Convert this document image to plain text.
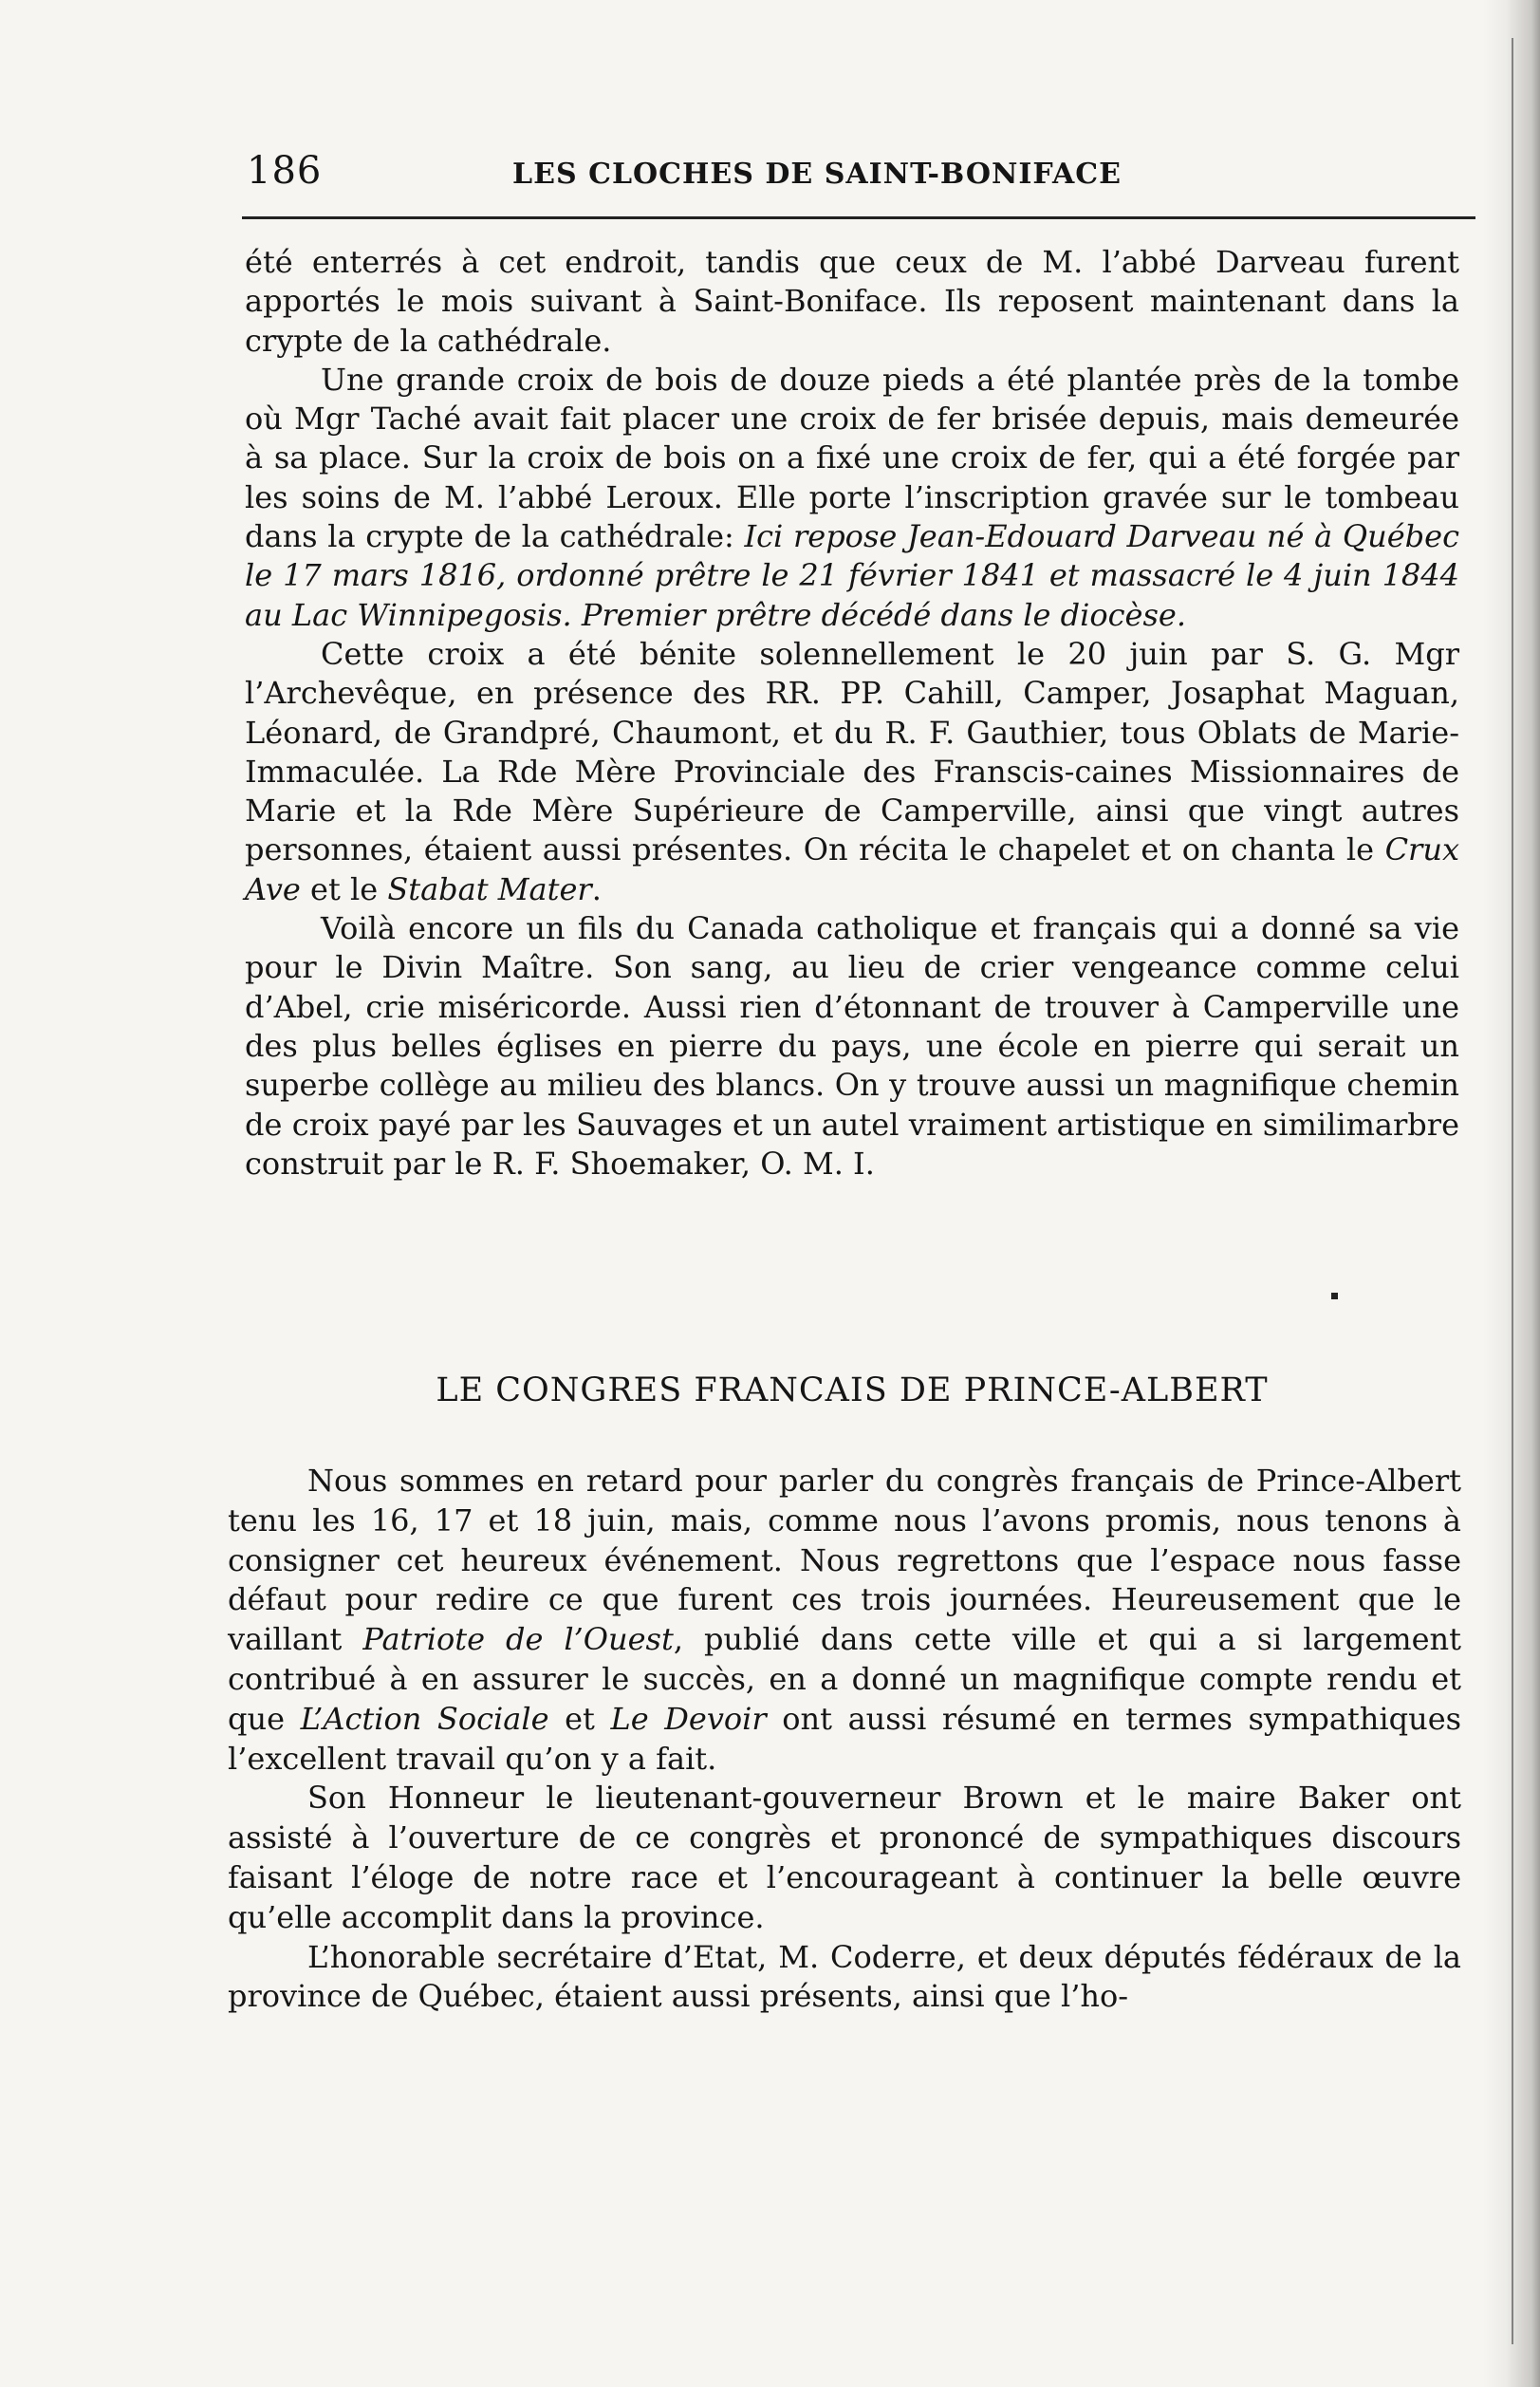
186	LES CLOCHES DE SAINT-BONIFACE

été enterrés à cet endroit, tandis que ceux de M. l’abbé Darveau furent apportés le mois suivant à Saint-Boniface. Ils reposent maintenant dans la crypte de la cathédrale.

Une grande croix de bois de douze pieds a été plantée près de la tombe où Mgr Taché avait fait placer une croix de fer brisée depuis, mais demeurée à sa place. Sur la croix de bois on a fixé une croix de fer, qui a été forgée par les soins de M. l’abbé Leroux. Elle porte l’inscription gravée sur le tombeau dans la crypte de la cathédrale: Ici repose Jean-Edouard Darveau né à Québec le 17 mars 1816, ordonné prêtre le 21 février 1841 et massacré le 4 juin 1844 au Lac Winnipegosis. Premier prêtre décédé dans le diocèse.

Cette croix a été bénite solennellement le 20 juin par S. G. Mgr l’Archevêque, en présence des RR. PP. Cahill, Camper, Josaphat Maguan, Léonard, de Grandpré, Chaumont, et du R. F. Gauthier, tous Oblats de Marie-Immaculée. La Rde Mère Provinciale des Franscis-caines Missionnaires de Marie et la Rde Mère Supérieure de Camperville, ainsi que vingt autres personnes, étaient aussi présentes. On récita le chapelet et on chanta le Crux Ave et le Stabat Mater.

Voilà encore un fils du Canada catholique et français qui a donné sa vie pour le Divin Maître. Son sang, au lieu de crier vengeance comme celui d’Abel, crie miséricorde. Aussi rien d’étonnant de trouver à Camperville une des plus belles églises en pierre du pays, une école en pierre qui serait un superbe collège au milieu des blancs. On y trouve aussi un magnifique chemin de croix payé par les Sauvages et un autel vraiment artistique en similimarbre construit par le R. F. Shoemaker, O. M. I.

LE CONGRES FRANCAIS DE PRINCE-ALBERT

Nous sommes en retard pour parler du congrès français de Prince-Albert tenu les 16, 17 et 18 juin, mais, comme nous l’avons promis, nous tenons à consigner cet heureux événement. Nous regrettons que l’espace nous fasse défaut pour redire ce que furent ces trois journées. Heureusement que le vaillant Patriote de l’Ouest, publié dans cette ville et qui a si largement contribué à en assurer le succès, en a donné un magnifique compte rendu et que L’Action Sociale et Le Devoir ont aussi résumé en termes sympathiques l’excellent travail qu’on y a fait.

Son Honneur le lieutenant-gouverneur Brown et le maire Baker ont assisté à l’ouverture de ce congrès et prononcé de sympathiques discours faisant l’éloge de notre race et l’encourageant à continuer la belle œuvre qu’elle accomplit dans la province.

L’honorable secrétaire d’Etat, M. Coderre, et deux députés fédéraux de la province de Québec, étaient aussi présents, ainsi que l’ho-
